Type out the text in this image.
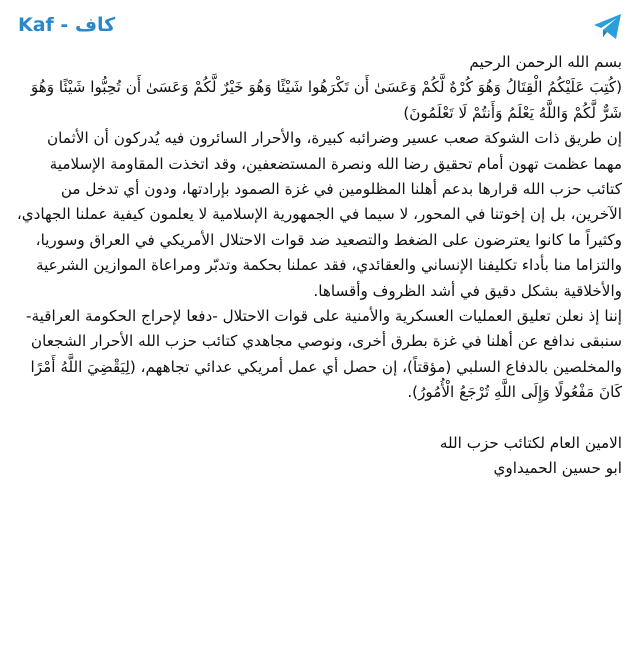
Kaf - كاف

بسم الله الرحمن الرحيم

(كُتِبَ عَلَيْكُمُ الْقِتَالُ وَهُوَ كُرْهٌ لَّكُمْ وَعَسَىٰ أَن تَكْرَهُوا شَيْئًا وَهُوَ خَيْرٌ لَّكُمْ وَعَسَىٰ أَن تُحِبُّوا شَيْئًا وَهُوَ شَرٌّ لَّكُمْ وَاللَّهُ يَعْلَمُ وَأَنتُمْ لَا تَعْلَمُونَ)

إن طريق ذات الشوكة صعب عسير وضرائبه كبيرة، والأحرار السائرون فيه يُدركون أن الأثمان مهما عظمت تهون أمام تحقيق رضا الله ونصرة المستضعفين، وقد اتخذت المقاومة الإسلامية كتائب حزب الله قرارها بدعم أهلنا المظلومين في غزة الصمود بإرادتها، ودون أي تدخل من الآخرين، بل إن إخوتنا في المحور، لا سيما في الجمهورية الإسلامية لا يعلمون كيفية عملنا الجهادي، وكثيراً ما كانوا يعترضون على الضغط والتصعيد ضد قوات الاحتلال الأمريكي في العراق وسوريا، والتزاما منا بأداء تكليفنا الإنساني والعقائدي، فقد عملنا بحكمة وتدبّر ومراعاة الموازين الشرعية والأخلاقية بشكل دقيق في أشد الظروف وأقساها.

إننا إذ نعلن تعليق العمليات العسكرية والأمنية على قوات الاحتلال -دفعا لإحراج الحكومة العراقية-سنبقى ندافع عن أهلنا في غزة بطرق أخرى، ونوصي مجاهدي كتائب حزب الله الأحرار الشجعان والمخلصين بالدفاع السلبي (مؤقتاً)، إن حصل أي عمل أمريكي عدائي تجاههم، (لِيَقْضِيَ اللَّهُ أَمْرًا كَانَ مَفْعُولًا وَإِلَى اللَّهِ تُرْجَعُ الْأُمُورُ).

الامين العام لكتائب حزب الله

ابو حسين الحميداوي
